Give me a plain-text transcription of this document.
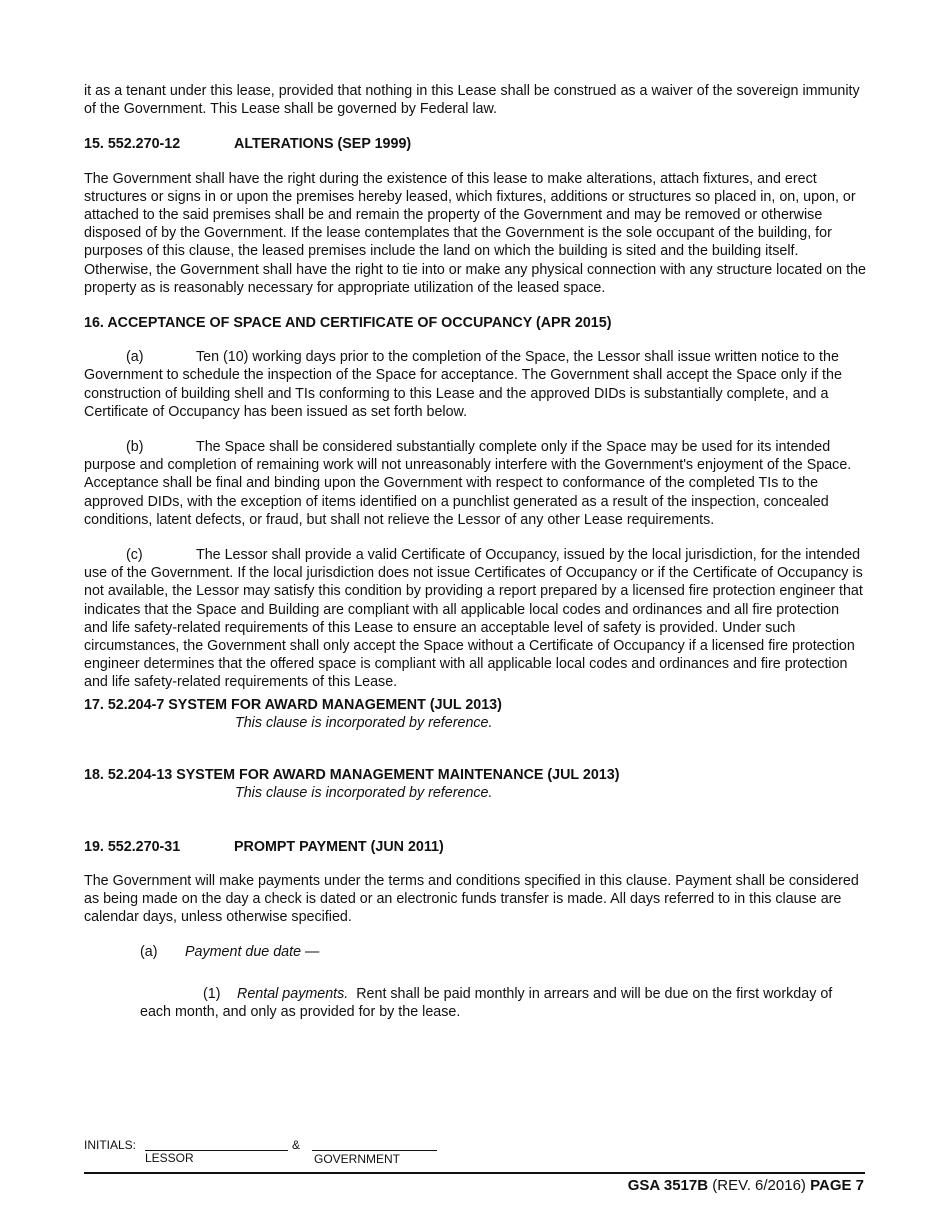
it as a tenant under this lease, provided that nothing in this Lease shall be construed as a waiver of the sovereign immunity of the Government. This Lease shall be governed by Federal law.

15. 552.270-12	ALTERATIONS (SEP 1999)

The Government shall have the right during the existence of this lease to make alterations, attach fixtures, and erect structures or signs in or upon the premises hereby leased, which fixtures, additions or structures so placed in, on, upon, or attached to the said premises shall be and remain the property of the Government and may be removed or otherwise disposed of by the Government. If the lease contemplates that the Government is the sole occupant of the building, for purposes of this clause, the leased premises include the land on which the building is sited and the building itself. Otherwise, the Government shall have the right to tie into or make any physical connection with any structure located on the property as is reasonably necessary for appropriate utilization of the leased space.

16. ACCEPTANCE OF SPACE AND CERTIFICATE OF OCCUPANCY (APR 2015)

(a)	Ten (10) working days prior to the completion of the Space, the Lessor shall issue written notice to the Government to schedule the inspection of the Space for acceptance. The Government shall accept the Space only if the construction of building shell and TIs conforming to this Lease and the approved DIDs is substantially complete, and a Certificate of Occupancy has been issued as set forth below.

(b)	The Space shall be considered substantially complete only if the Space may be used for its intended purpose and completion of remaining work will not unreasonably interfere with the Government's enjoyment of the Space. Acceptance shall be final and binding upon the Government with respect to conformance of the completed TIs to the approved DIDs, with the exception of items identified on a punchlist generated as a result of the inspection, concealed conditions, latent defects, or fraud, but shall not relieve the Lessor of any other Lease requirements.

(c)	The Lessor shall provide a valid Certificate of Occupancy, issued by the local jurisdiction, for the intended use of the Government. If the local jurisdiction does not issue Certificates of Occupancy or if the Certificate of Occupancy is not available, the Lessor may satisfy this condition by providing a report prepared by a licensed fire protection engineer that indicates that the Space and Building are compliant with all applicable local codes and ordinances and all fire protection and life safety-related requirements of this Lease to ensure an acceptable level of safety is provided. Under such circumstances, the Government shall only accept the Space without a Certificate of Occupancy if a licensed fire protection engineer determines that the offered space is compliant with all applicable local codes and ordinances and fire protection and life safety-related requirements of this Lease.

17. 52.204-7 SYSTEM FOR AWARD MANAGEMENT (JUL 2013)

This clause is incorporated by reference.

18. 52.204-13 SYSTEM FOR AWARD MANAGEMENT MAINTENANCE (JUL 2013)

This clause is incorporated by reference.

19. 552.270-31	PROMPT PAYMENT (JUN 2011)

The Government will make payments under the terms and conditions specified in this clause. Payment shall be considered as being made on the day a check is dated or an electronic funds transfer is made. All days referred to in this clause are calendar days, unless otherwise specified.

(a) Payment due date —

(1) Rental payments. Rent shall be paid monthly in arrears and will be due on the first workday of each month, and only as provided for by the lease.

INITIALS:	&
LESSOR	GOVERNMENT
GSA 3517B (REV. 6/2016) PAGE 7
